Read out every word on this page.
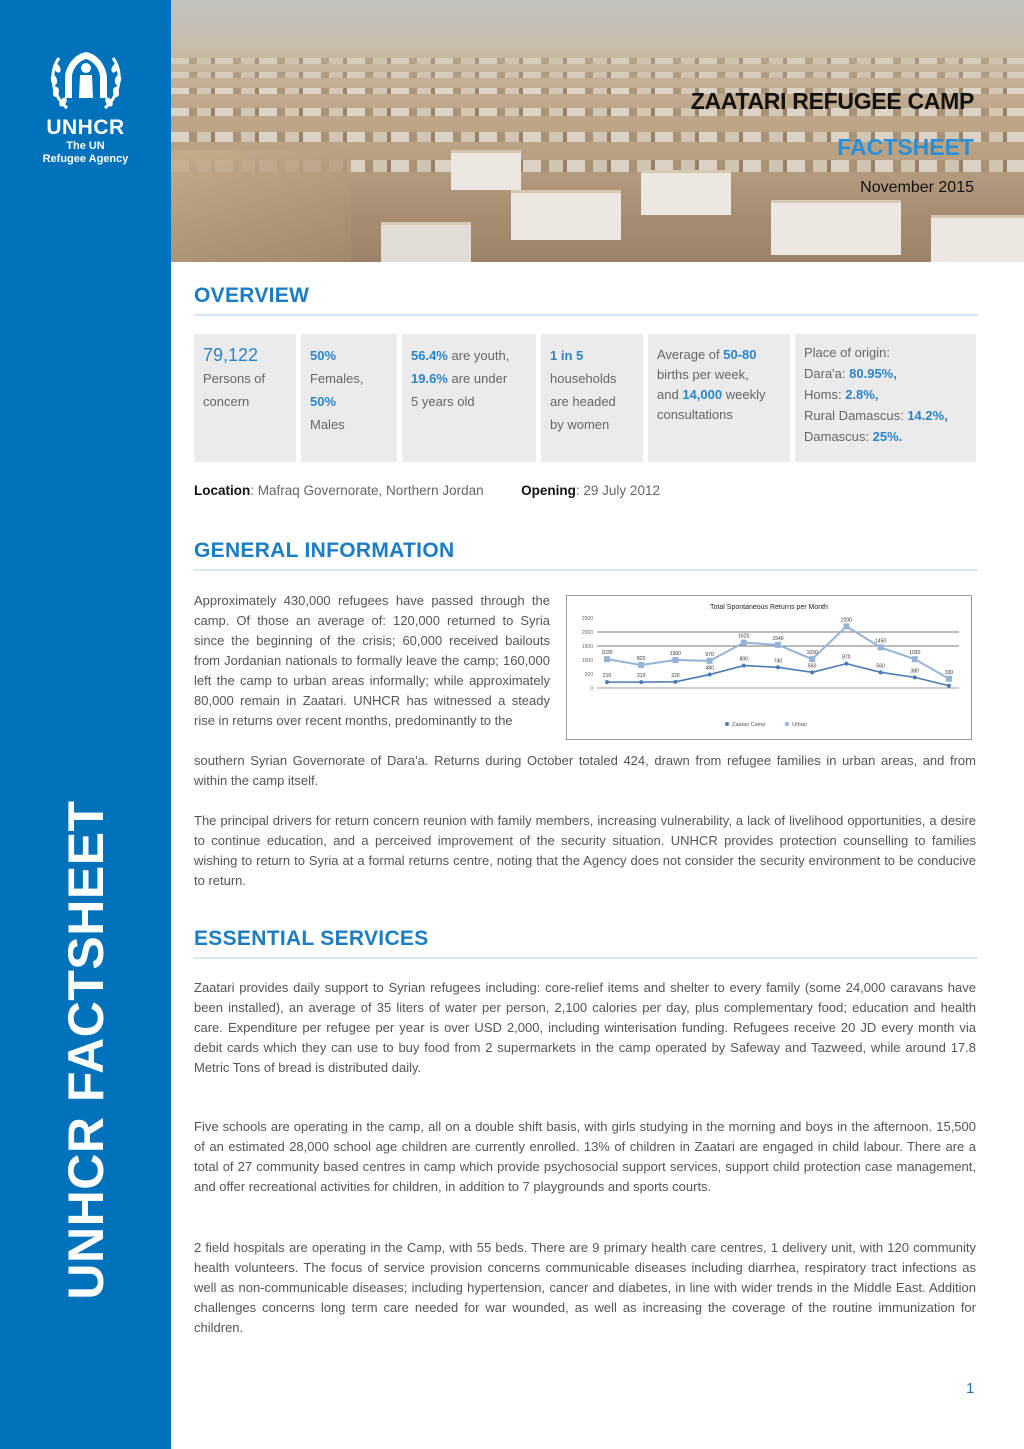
UNHCR
The UN
Refugee Agency
UNHCR FACTSHEET
ZAATARI REFUGEE CAMP
FACTSHEET
November 2015
OVERVIEW
79,122
Persons of
concern
50%
Females,
50%
Males
56.4% are youth,
19.6% are under
5 years old
1 in 5
households
are headed
by women
Average of 50-80
births per week,
and 14,000 weekly
consultations
Place of origin:
Dara'a: 80.95%,
Homs: 2.8%,
Rural Damascus: 14.2%,
Damascus: 25%.
Location: Mafraq Governorate, Northern Jordan	Opening: 29 July 2012
GENERAL INFORMATION
Approximately 430,000 refugees have passed through the camp. Of those an average of: 120,000 returned to Syria since the beginning of the crisis; 60,000 received bailouts from Jordanian nationals to formally leave the camp; 160,000 left the camp to urban areas informally; while approximately 80,000 remain in Zaatari. UNHCR has witnessed a steady rise in returns over recent months, predominantly to the
southern Syrian Governorate of Dara'a. Returns during October totaled 424, drawn from refugee families in urban areas, and from within the camp itself.
The principal drivers for return concern reunion with family members, increasing vulnerability, a lack of livelihood opportunities, a desire to continue education, and a perceived improvement of the security situation. UNHCR provides protection counselling to families wishing to return to Syria at a formal returns centre, noting that the Agency does not consider the security environment to be conducive to return.
Total Spontaneous Returns per Month
0
500
1000
1500
2000
2500
210	210	220
480
800	740
560
870
560
380
1030
820
1000	970
1620	1540
1030
2200
1450
1030
330
Zaatari Camp	Urban
ESSENTIAL SERVICES
Zaatari provides daily support to Syrian refugees including: core-relief items and shelter to every family (some 24,000 caravans have been installed), an average of 35 liters of water per person, 2,100 calories per day, plus complementary food; education and health care. Expenditure per refugee per year is over USD 2,000, including winterisation funding. Refugees receive 20 JD every month via debit cards which they can use to buy food from 2 supermarkets in the camp operated by Safeway and Tazweed, while around 17.8 Metric Tons of bread is distributed daily.
Five schools are operating in the camp, all on a double shift basis, with girls studying in the morning and boys in the afternoon. 15,500 of an estimated 28,000 school age children are currently enrolled. 13% of children in Zaatari are engaged in child labour. There are a total of 27 community based centres in camp which provide psychosocial support services, support child protection case management, and offer recreational activities for children, in addition to 7 playgrounds and sports courts.
2 field hospitals are operating in the Camp, with 55 beds. There are 9 primary health care centres, 1 delivery unit, with 120 community health volunteers. The focus of service provision concerns communicable diseases including diarrhea, respiratory tract infections as well as non-communicable diseases; including hypertension, cancer and diabetes, in line with wider trends in the Middle East. Addition challenges concerns long term care needed for war wounded, as well as increasing the coverage of the routine immunization for children.
1
